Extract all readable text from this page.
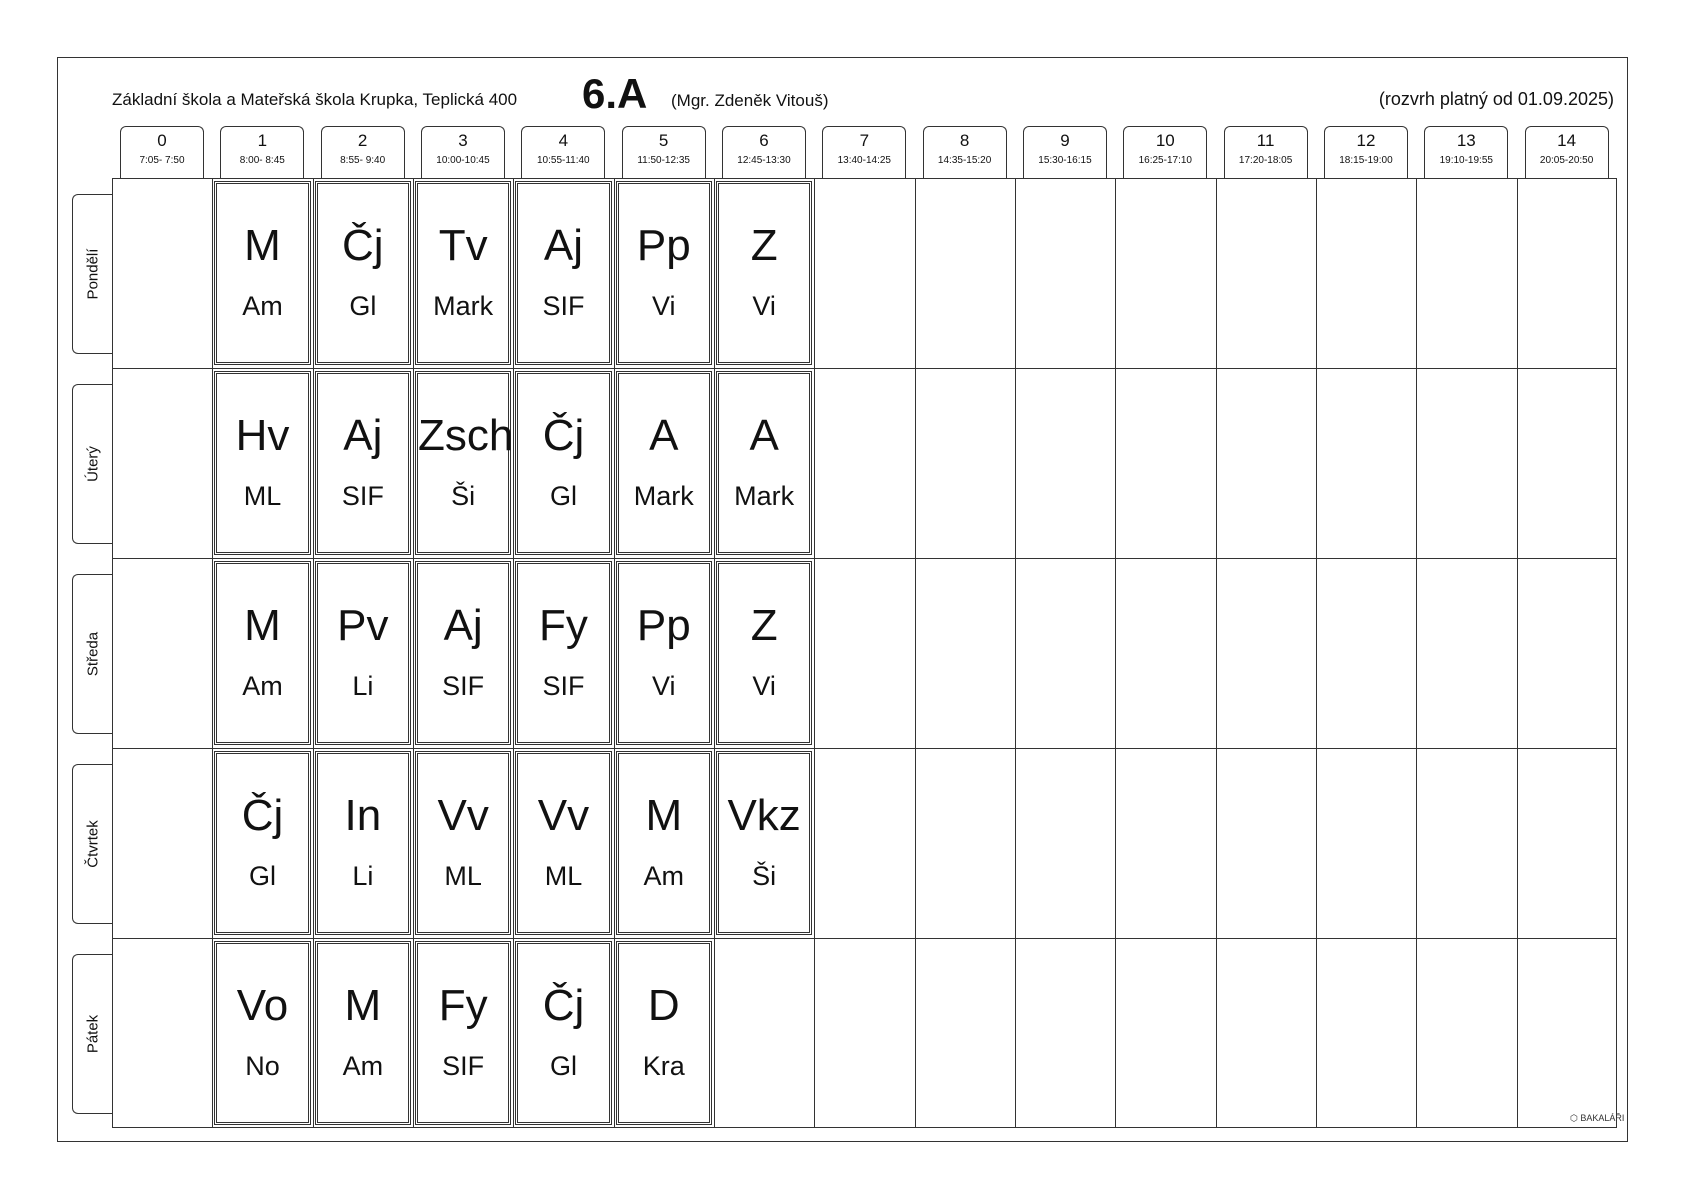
Základní škola a Mateřská škola Krupka, Teplická 400 6.A (Mgr. Zdeněk Vitouš)	(rozvrh platný od 01.09.2025)
0
7:05- 7:50
1
8:00- 8:45
2
8:55- 9:40
3
10:00-10:45
4
10:55-11:40
5
11:50-12:35
6
12:45-13:30
7
13:40-14:25
8
14:35-15:20
9
15:30-16:15
10
16:25-17:10
11
17:20-18:05
12
18:15-19:00
13
19:10-19:55
14
20:05-20:50
Pondělí
Úterý
Středa
Čtvrtek
Pátek
M
Am
Čj
Gl
Tv
Mark
Aj
SIF
Pp
Vi
Z
Vi
Hv
ML
Aj
SIF
Zsch
Ši
Čj
Gl
A
Mark
A
Mark
M
Am
Pv
Li
Aj
SIF
Fy
SIF
Pp
Vi
Z
Vi
Čj
Gl
In
Li
Vv
ML
Vv
ML
M
Am
Vkz
Ši
Vo
No
M
Am
Fy
SIF
Čj
Gl
D
Kra
⬡ BAKALÁŘI
